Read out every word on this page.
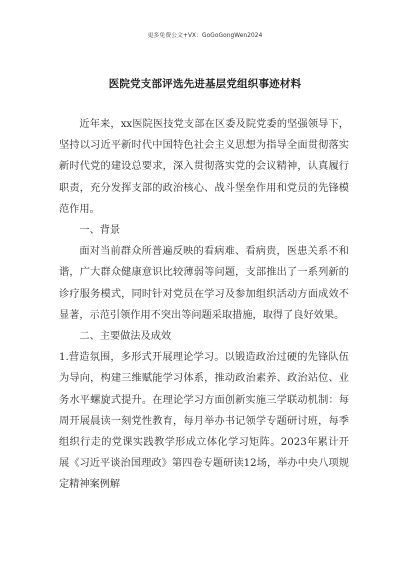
更多免费公文+VX：GoGoGongWen2024
医院党支部评选先进基层党组织事迹材料

近年来，xx医院医技党支部在区委及院党委的坚强领导下，坚持以习近平新时代中国特色社会主义思想为指导全面贯彻落实新时代党的建设总要求，深入贯彻落实党的会议精神，认真履行职责，充分发挥支部的政治核心、战斗堡垒作用和党员的先锋模范作用。

一、背景

面对当前群众所普遍反映的看病难、看病贵，医患关系不和谐，广大群众健康意识比较薄弱等问题，支部推出了一系列新的诊疗服务模式，同时针对党员在学习及参加组织活动方面成效不显著，示范引领作用不突出等问题采取措施，取得了良好效果。

二、主要做法及成效

1.营造氛围，多形式开展理论学习。以锻造政治过硬的先锋队伍为导向，构建三维赋能学习体系，推动政治素养、政治站位、业务水平螺旋式提升。在理论学习方面创新实施三学联动机制：每周开展晨读一刻党性教育，每月举办书记领学专题研讨班，每季组织行走的党课实践教学形成立体化学习矩阵。2023年累计开展《习近平谈治国理政》第四卷专题研读12场，举办中央八项规定精神案例解
